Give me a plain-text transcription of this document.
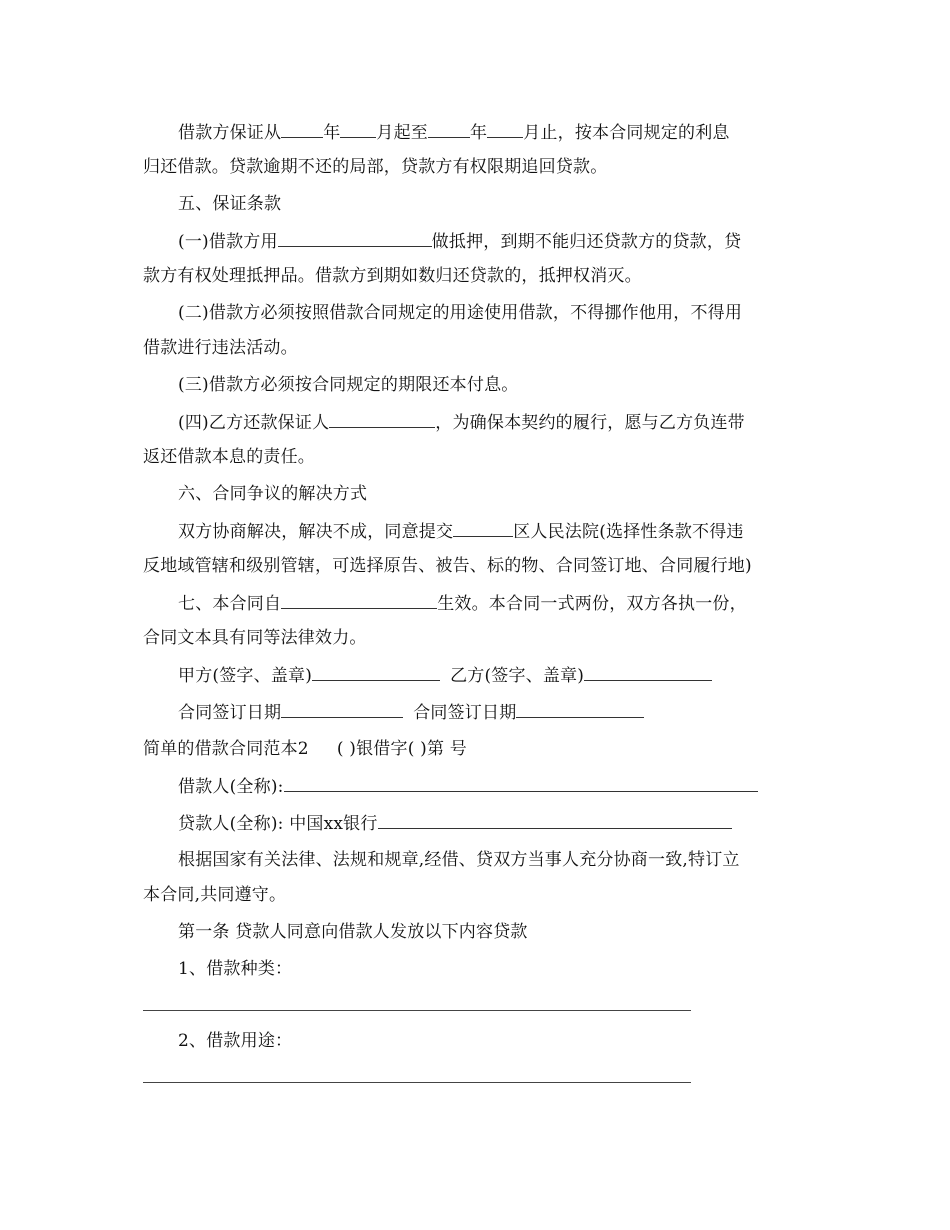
借款方保证从 年 月起至 年 月止，按本合同规定的利息
归还借款。贷款逾期不还的局部，贷款方有权限期追回贷款。
五、保证条款
(一)借款方用	做抵押，到期不能归还贷款方的贷款，贷
款方有权处理抵押品。借款方到期如数归还贷款的，抵押权消灭。
(二)借款方必须按照借款合同规定的用途使用借款，不得挪作他用，不得用
借款进行违法活动。
(三)借款方必须按合同规定的期限还本付息。
(四)乙方还款保证人	，为确保本契约的履行，愿与乙方负连带
返还借款本息的责任。
六、合同争议的解决方式
双方协商解决，解决不成，同意提交	区人民法院(选择性条款不得违
反地域管辖和级别管辖，可选择原告、被告、标的物、合同签订地、合同履行地)
七、本合同自	生效。本合同一式两份，双方各执一份，
合同文本具有同等法律效力。
甲方(签字、盖章)	乙方(签字、盖章)
合同签订日期	合同签订日期
简单的借款合同范本2 ( )银借字( )第 号
借款人(全称):
贷款人(全称): 中国xx银行
根据国家有关法律、法规和规章,经借、贷双方当事人充分协商一致,特订立
本合同,共同遵守。
第一条 贷款人同意向借款人发放以下内容贷款
1、借款种类：
2、借款用途：
